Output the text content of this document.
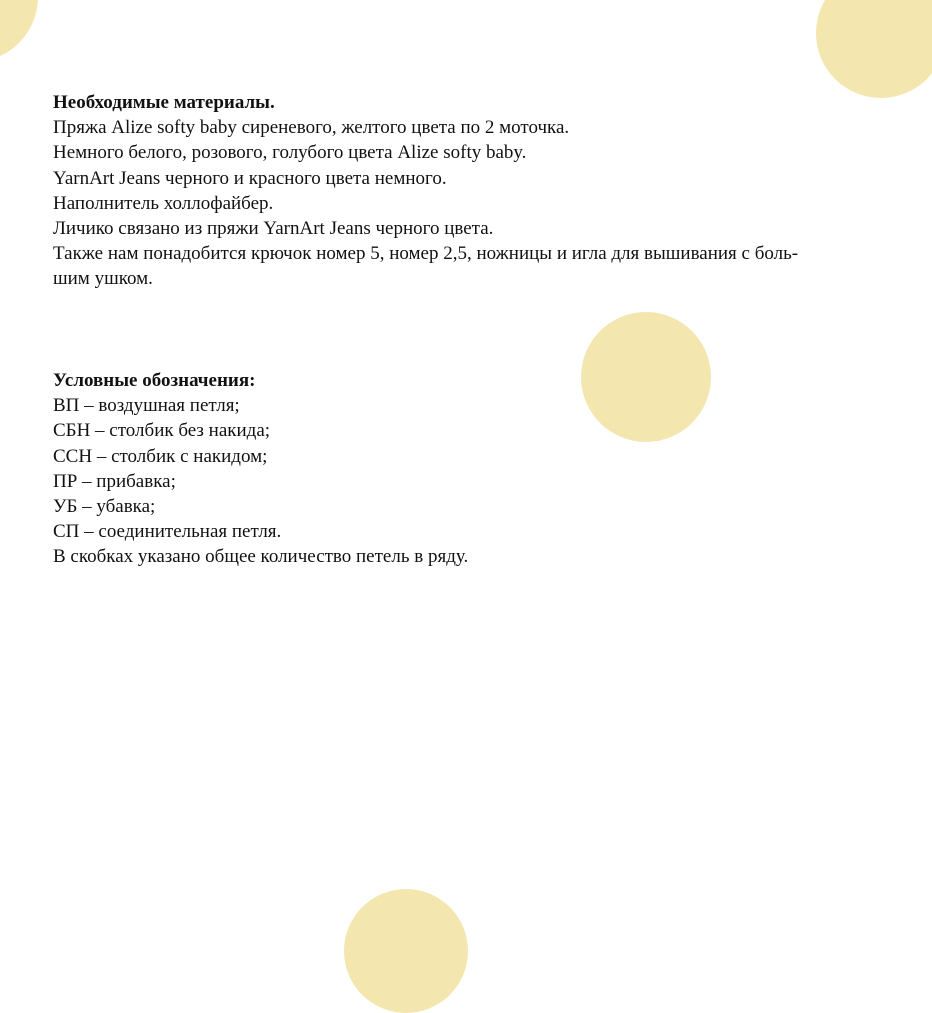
Необходимые материалы.

Пряжа Alize softy baby сиреневого, желтого цвета по 2 моточка.

Немного белого, розового, голубого цвета Alize softy baby.

YarnArt Jeans черного и красного цвета немного.

Наполнитель холлофайбер.

Личико связано из пряжи YarnArt Jeans черного цвета.

Также нам понадобится крючок номер 5, номер 2,5, ножницы и игла для вышивания с боль-

шим ушком.

Условные обозначения:

ВП – воздушная петля;

СБН – столбик без накида;

ССН – столбик с накидом;

ПР – прибавка;

УБ – убавка;

СП – соединительная петля.

В скобках указано общее количество петель в ряду.
